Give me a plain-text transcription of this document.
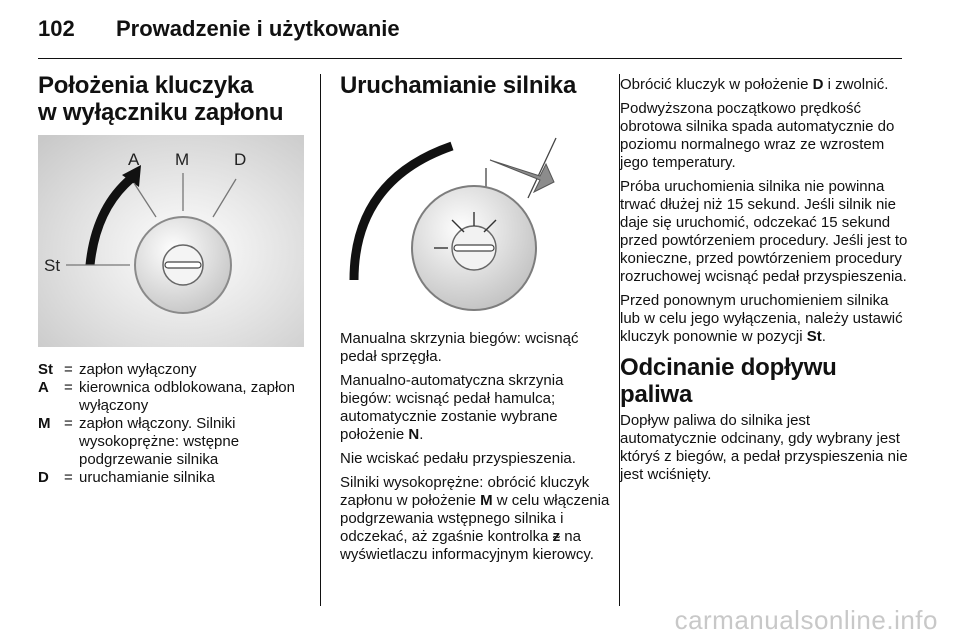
102 Prowadzenie i użytkowanie
Położenia kluczyka
w wyłączniku zapłonu
A M	D
St
St = zapłon wyłączony
A	= kierownica odblokowana, zapłon wyłączony
M = zapłon włączony. Silniki wysokoprężne: wstępne podgrzewanie silnika
D	= uruchamianie silnika
Uruchamianie silnika

Manualna skrzynia biegów: wcisnąć pedał sprzęgła.

Manualno-automatyczna skrzynia biegów: wcisnąć pedał hamulca; automatycznie zostanie wybrane położenie N.

Nie wciskać pedału przyspieszenia.

Silniki wysokoprężne: obrócić kluczyk zapłonu w położenie M w celu włączenia podgrzewania wstępnego silnika i odczekać, aż zgaśnie kontrolka ᵶ na wyświetlaczu informacyjnym kierowcy.

Obrócić kluczyk w położenie D i zwolnić.

Podwyższona początkowo prędkość obrotowa silnika spada automatycznie do poziomu normalnego wraz ze wzrostem jego temperatury.

Próba uruchomienia silnika nie powinna trwać dłużej niż 15 sekund. Jeśli silnik nie daje się uruchomić, odczekać 15 sekund przed powtórzeniem procedury. Jeśli jest to konieczne, przed powtórzeniem procedury rozruchowej wcisnąć pedał przyspieszenia.

Przed ponownym uruchomieniem silnika lub w celu jego wyłączenia, należy ustawić kluczyk ponownie w pozycji St.

Odcinanie dopływu paliwa

Dopływ paliwa do silnika jest automatycznie odcinany, gdy wybrany jest któryś z biegów, a pedał przyspieszenia nie jest wciśnięty.

carmanualsonline.info
